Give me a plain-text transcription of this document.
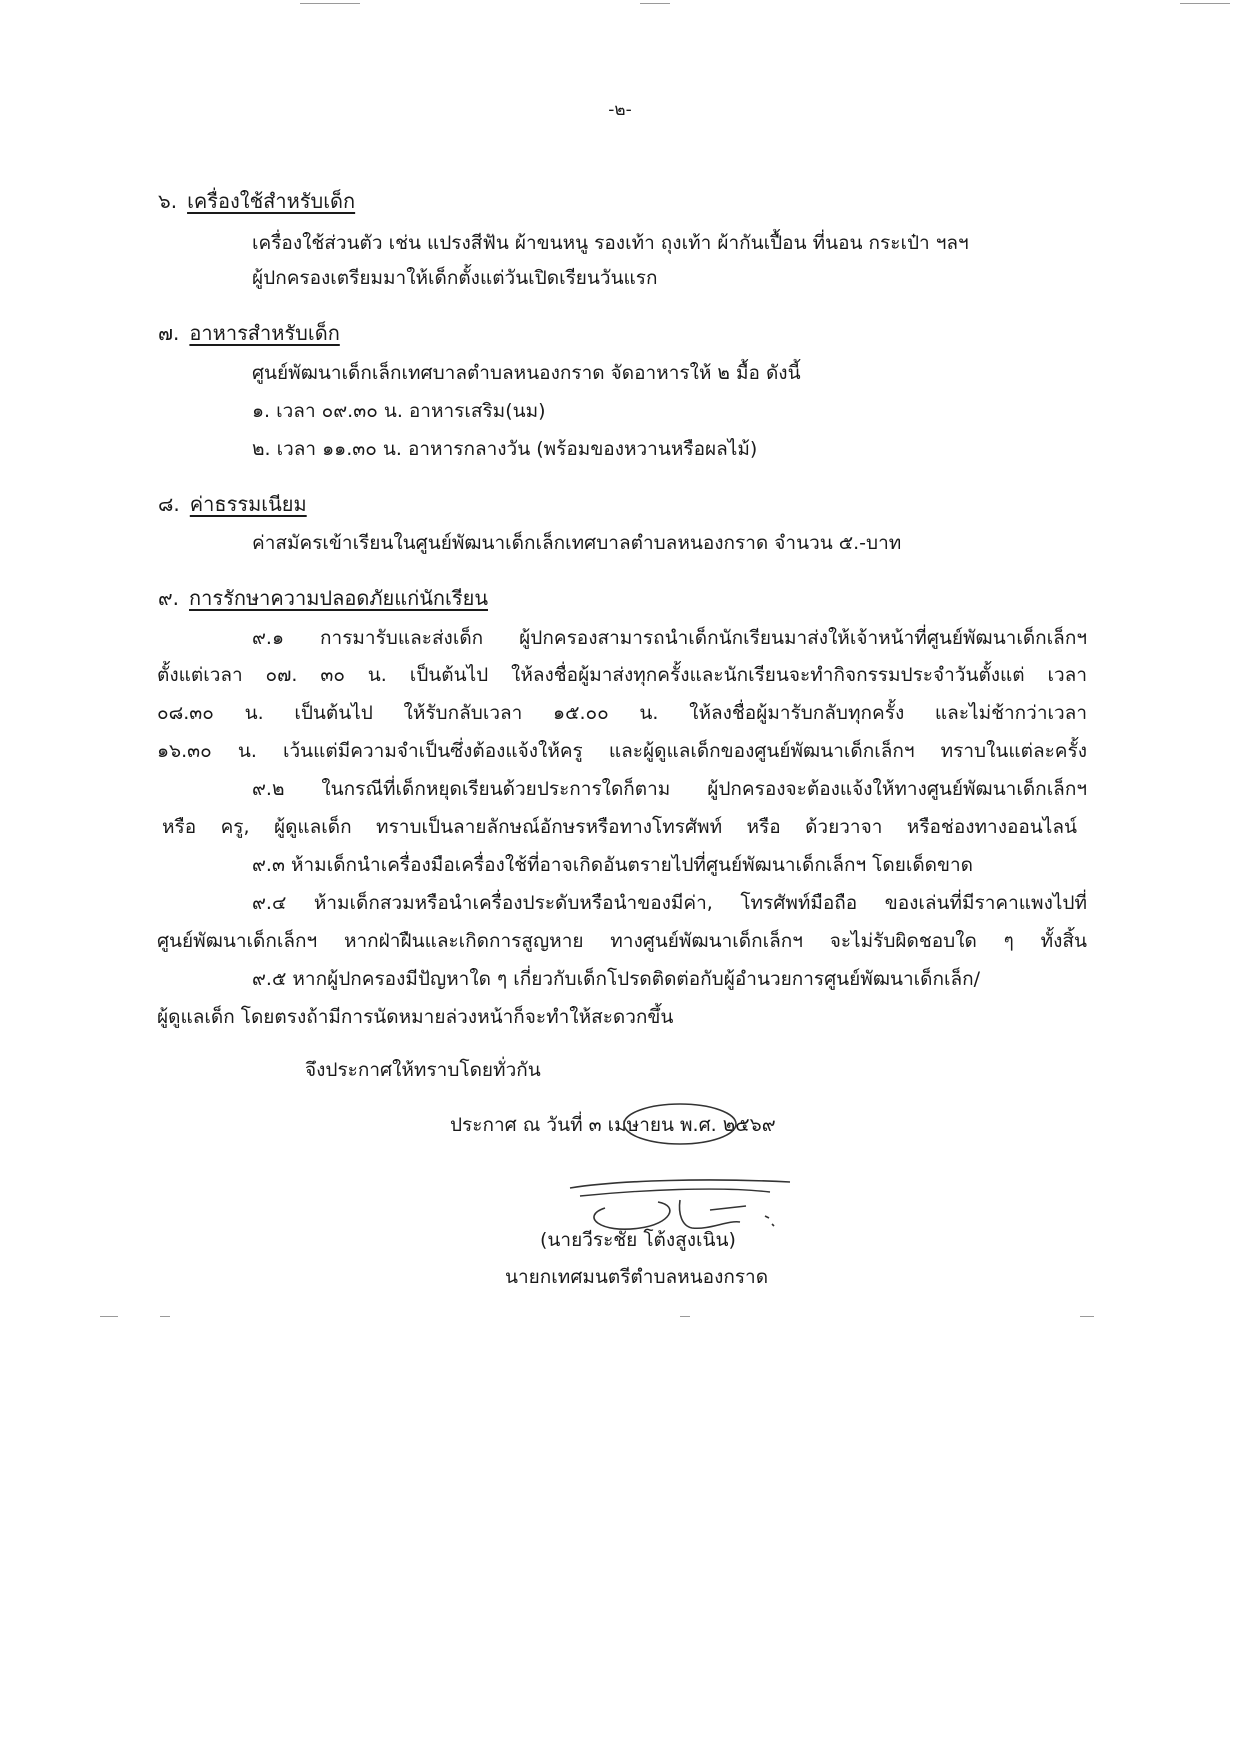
-๒-
๖. เครื่องใช้สำหรับเด็ก
เครื่องใช้ส่วนตัว เช่น แปรงสีฟัน ผ้าขนหนู รองเท้า ถุงเท้า ผ้ากันเปื้อน ที่นอน กระเป๋า ฯลฯ
ผู้ปกครองเตรียมมาให้เด็กตั้งแต่วันเปิดเรียนวันแรก
๗. อาหารสำหรับเด็ก
ศูนย์พัฒนาเด็กเล็กเทศบาลตำบลหนองกราด จัดอาหารให้ ๒ มื้อ ดังนี้
๑. เวลา ๐๙.๓๐ น. อาหารเสริม(นม)
๒. เวลา ๑๑.๓๐ น. อาหารกลางวัน (พร้อมของหวานหรือผลไม้)
๘. ค่าธรรมเนียม
ค่าสมัครเข้าเรียนในศูนย์พัฒนาเด็กเล็กเทศบาลตำบลหนองกราด จำนวน ๕.-บาท
๙. การรักษาความปลอดภัยแก่นักเรียน
๙.๑ การมารับและส่งเด็ก ผู้ปกครองสามารถนำเด็กนักเรียนมาส่งให้เจ้าหน้าที่ศูนย์พัฒนาเด็กเล็กฯ
ตั้งแต่เวลา ๐๗. ๓๐ น. เป็นต้นไป ให้ลงชื่อผู้มาส่งทุกครั้งและนักเรียนจะทำกิจกรรมประจำวันตั้งแต่ เวลา
๐๘.๓๐ น. เป็นต้นไป ให้รับกลับเวลา ๑๕.๐๐ น. ให้ลงชื่อผู้มารับกลับทุกครั้ง และไม่ช้ากว่าเวลา
๑๖.๓๐ น. เว้นแต่มีความจำเป็นซึ่งต้องแจ้งให้ครู และผู้ดูแลเด็กของศูนย์พัฒนาเด็กเล็กฯ ทราบในแต่ละครั้ง
๙.๒ ในกรณีที่เด็กหยุดเรียนด้วยประการใดก็ตาม ผู้ปกครองจะต้องแจ้งให้ทางศูนย์พัฒนาเด็กเล็กฯ
หรือ ครู, ผู้ดูแลเด็ก ทราบเป็นลายลักษณ์อักษรหรือทางโทรศัพท์ หรือ ด้วยวาจา หรือช่องทางออนไลน์
๙.๓ ห้ามเด็กนำเครื่องมือเครื่องใช้ที่อาจเกิดอันตรายไปที่ศูนย์พัฒนาเด็กเล็กฯ โดยเด็ดขาด
๙.๔ ห้ามเด็กสวมหรือนำเครื่องประดับหรือนำของมีค่า, โทรศัพท์มือถือ ของเล่นที่มีราคาแพงไปที่
ศูนย์พัฒนาเด็กเล็กฯ หากฝ่าฝืนและเกิดการสูญหาย ทางศูนย์พัฒนาเด็กเล็กฯ จะไม่รับผิดชอบใด ๆ ทั้งสิ้น
๙.๕ หากผู้ปกครองมีปัญหาใด ๆ เกี่ยวกับเด็กโปรดติดต่อกับผู้อำนวยการศูนย์พัฒนาเด็กเล็ก/
ผู้ดูแลเด็ก โดยตรงถ้ามีการนัดหมายล่วงหน้าก็จะทำให้สะดวกขึ้น
จึงประกาศให้ทราบโดยทั่วกัน
ประกาศ ณ วันที่ ๓ เมษายน พ.ศ. ๒๕๖๙
(นายวีระชัย โต้งสูงเนิน)
นายกเทศมนตรีตำบลหนองกราด
